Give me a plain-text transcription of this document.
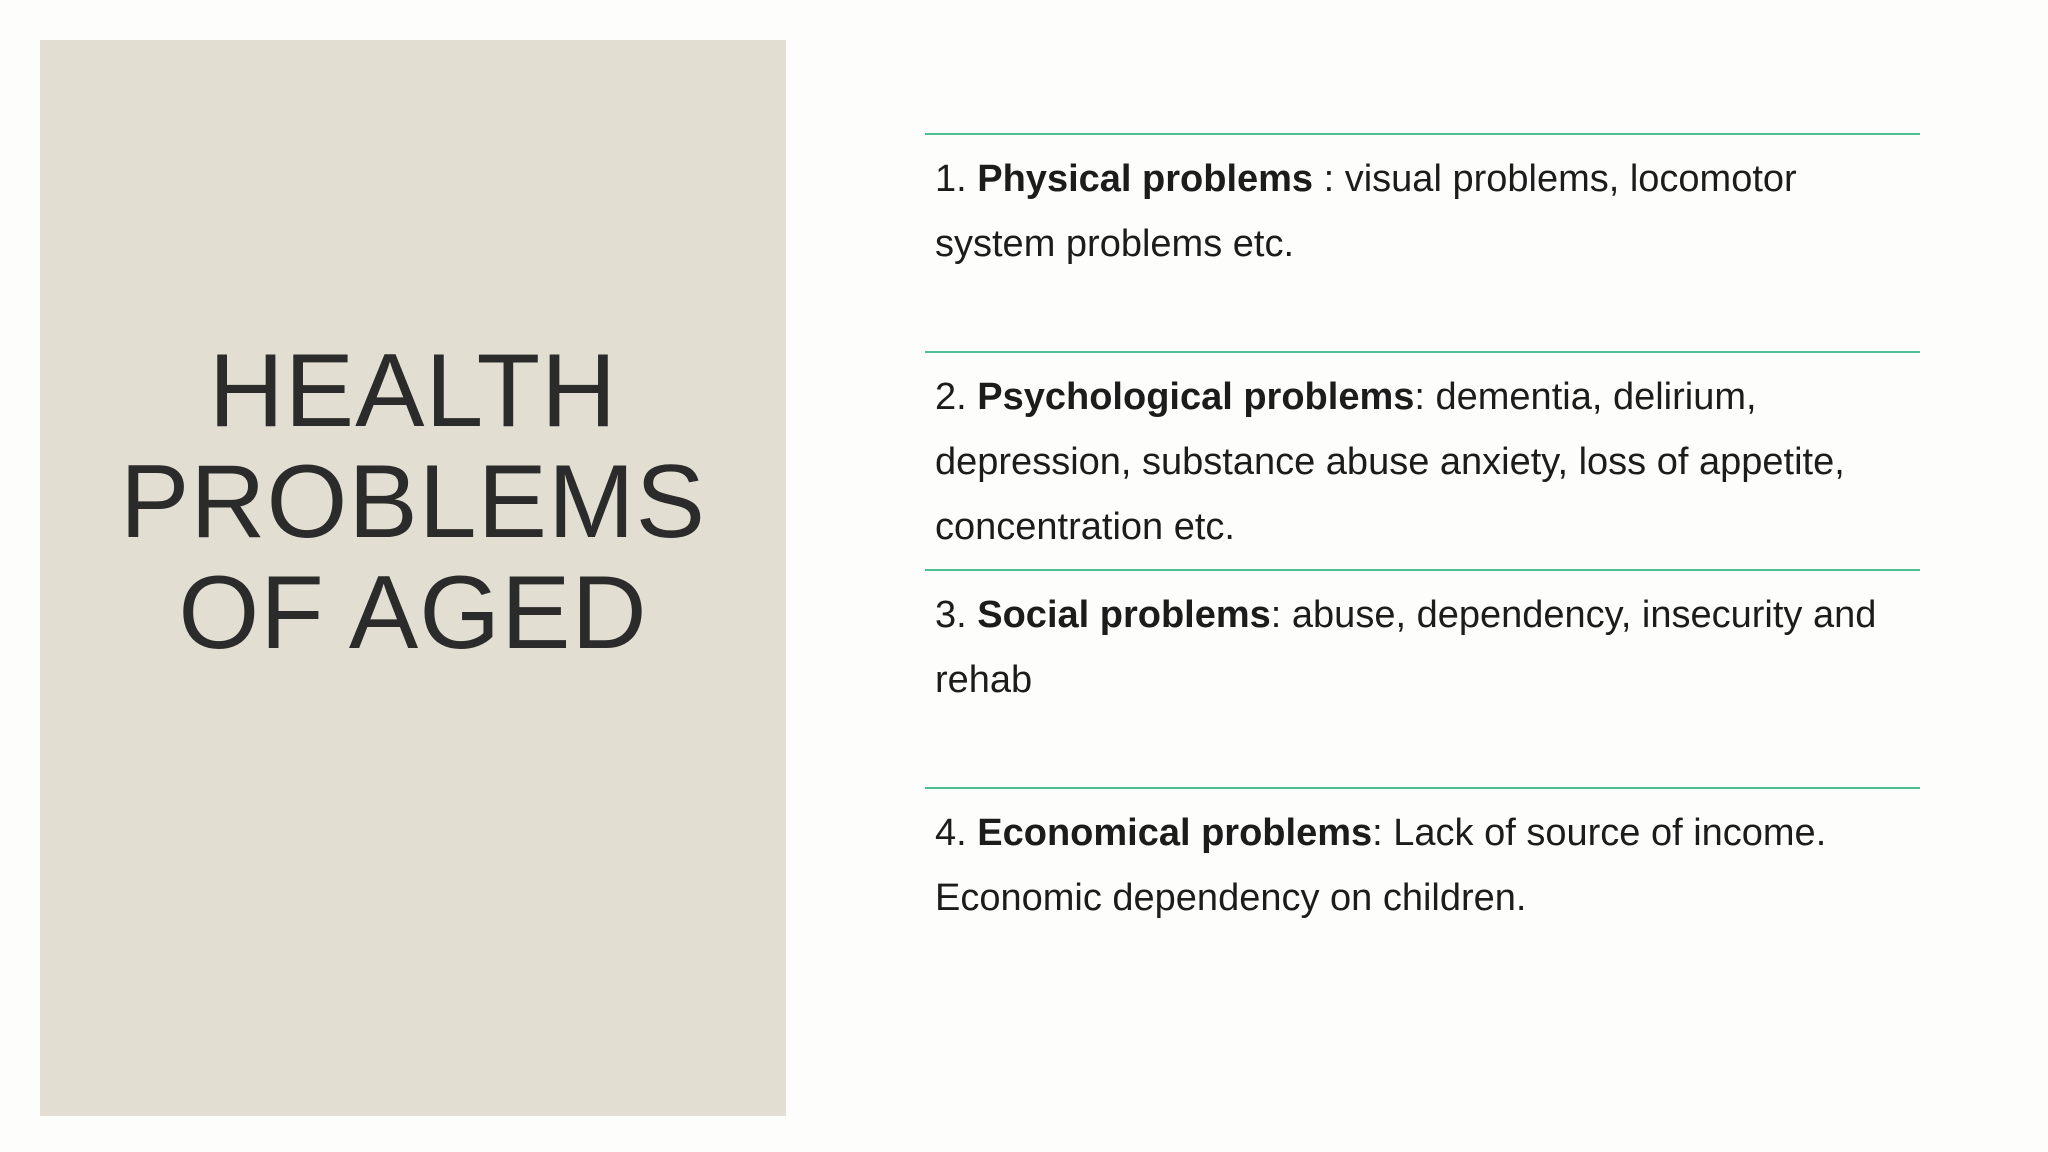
HEALTH
PROBLEMS
OF AGED
1. Physical problems : visual problems, locomotor system problems etc.
2. Psychological problems: dementia, delirium, depression, substance abuse anxiety, loss of appetite, concentration etc.
3. Social problems: abuse, dependency, insecurity and rehab
4. Economical problems: Lack of source of income. Economic dependency on children.
